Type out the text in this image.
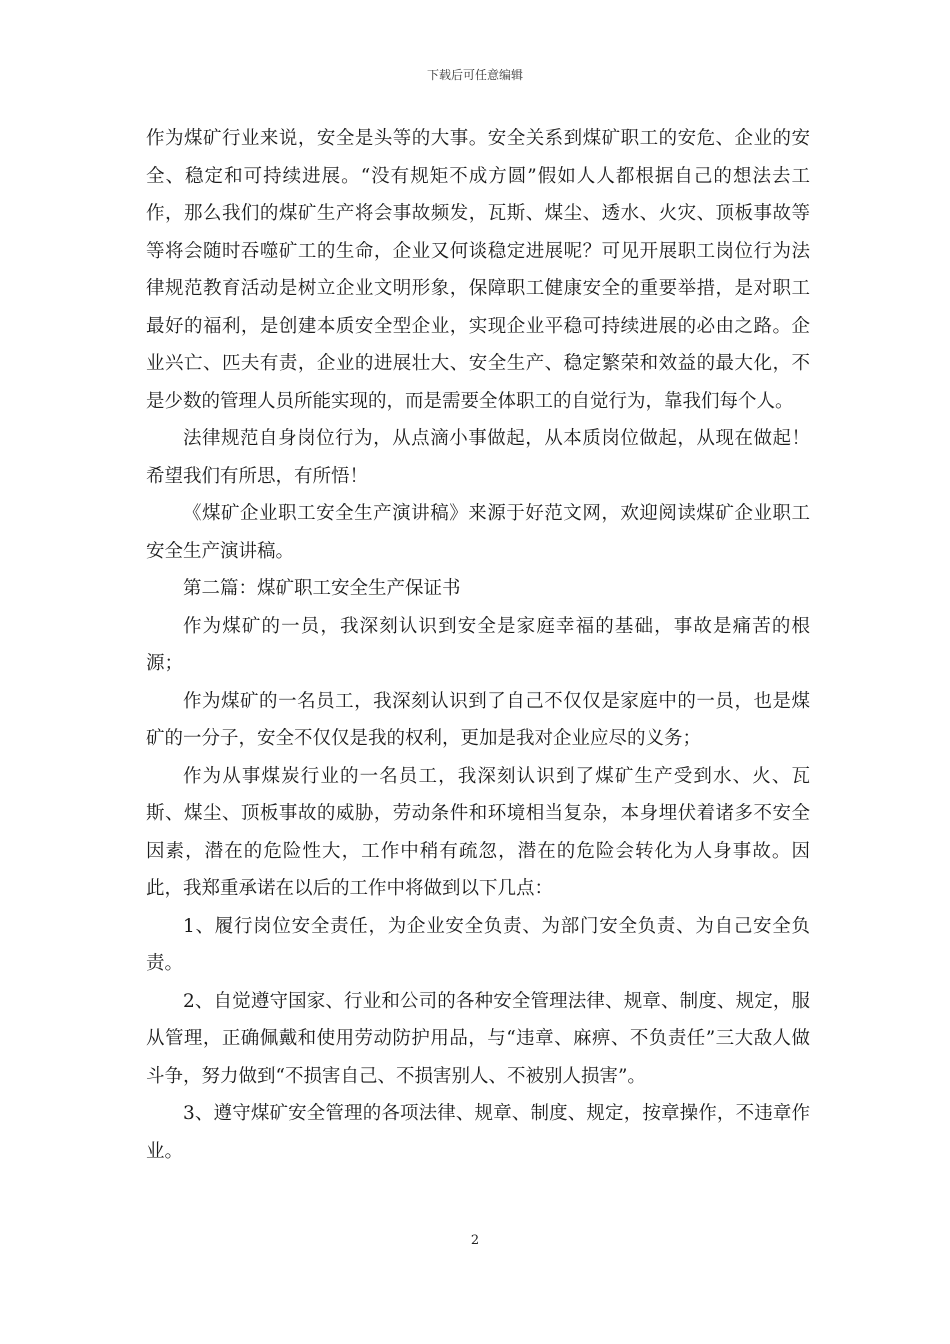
下载后可任意编辑

作为煤矿行业来说，安全是头等的大事。安全关系到煤矿职工的安危、企业的安全、稳定和可持续进展。“没有规矩不成方圆”假如人人都根据自己的想法去工作，那么我们的煤矿生产将会事故频发，瓦斯、煤尘、透水、火灾、顶板事故等等将会随时吞噬矿工的生命，企业又何谈稳定进展呢？可见开展职工岗位行为法律规范教育活动是树立企业文明形象，保障职工健康安全的重要举措，是对职工最好的福利，是创建本质安全型企业，实现企业平稳可持续进展的必由之路。企业兴亡、匹夫有责，企业的进展壮大、安全生产、稳定繁荣和效益的最大化，不是少数的管理人员所能实现的，而是需要全体职工的自觉行为，靠我们每个人。

法律规范自身岗位行为，从点滴小事做起，从本质岗位做起，从现在做起！希望我们有所思，有所悟！

《煤矿企业职工安全生产演讲稿》来源于好范文网，欢迎阅读煤矿企业职工安全生产演讲稿。

第二篇：煤矿职工安全生产保证书

作为煤矿的一员，我深刻认识到安全是家庭幸福的基础，事故是痛苦的根源；

作为煤矿的一名员工，我深刻认识到了自己不仅仅是家庭中的一员，也是煤矿的一分子，安全不仅仅是我的权利，更加是我对企业应尽的义务；

作为从事煤炭行业的一名员工，我深刻认识到了煤矿生产受到水、火、瓦斯、煤尘、顶板事故的威胁，劳动条件和环境相当复杂，本身埋伏着诸多不安全因素，潜在的危险性大，工作中稍有疏忽，潜在的危险会转化为人身事故。因此，我郑重承诺在以后的工作中将做到以下几点：

1、履行岗位安全责任，为企业安全负责、为部门安全负责、为自己安全负责。

2、自觉遵守国家、行业和公司的各种安全管理法律、规章、制度、规定，服从管理，正确佩戴和使用劳动防护用品，与“违章、麻痹、不负责任”三大敌人做斗争，努力做到“不损害自己、不损害别人、不被别人损害”。

3、遵守煤矿安全管理的各项法律、规章、制度、规定，按章操作，不违章作业。

2
